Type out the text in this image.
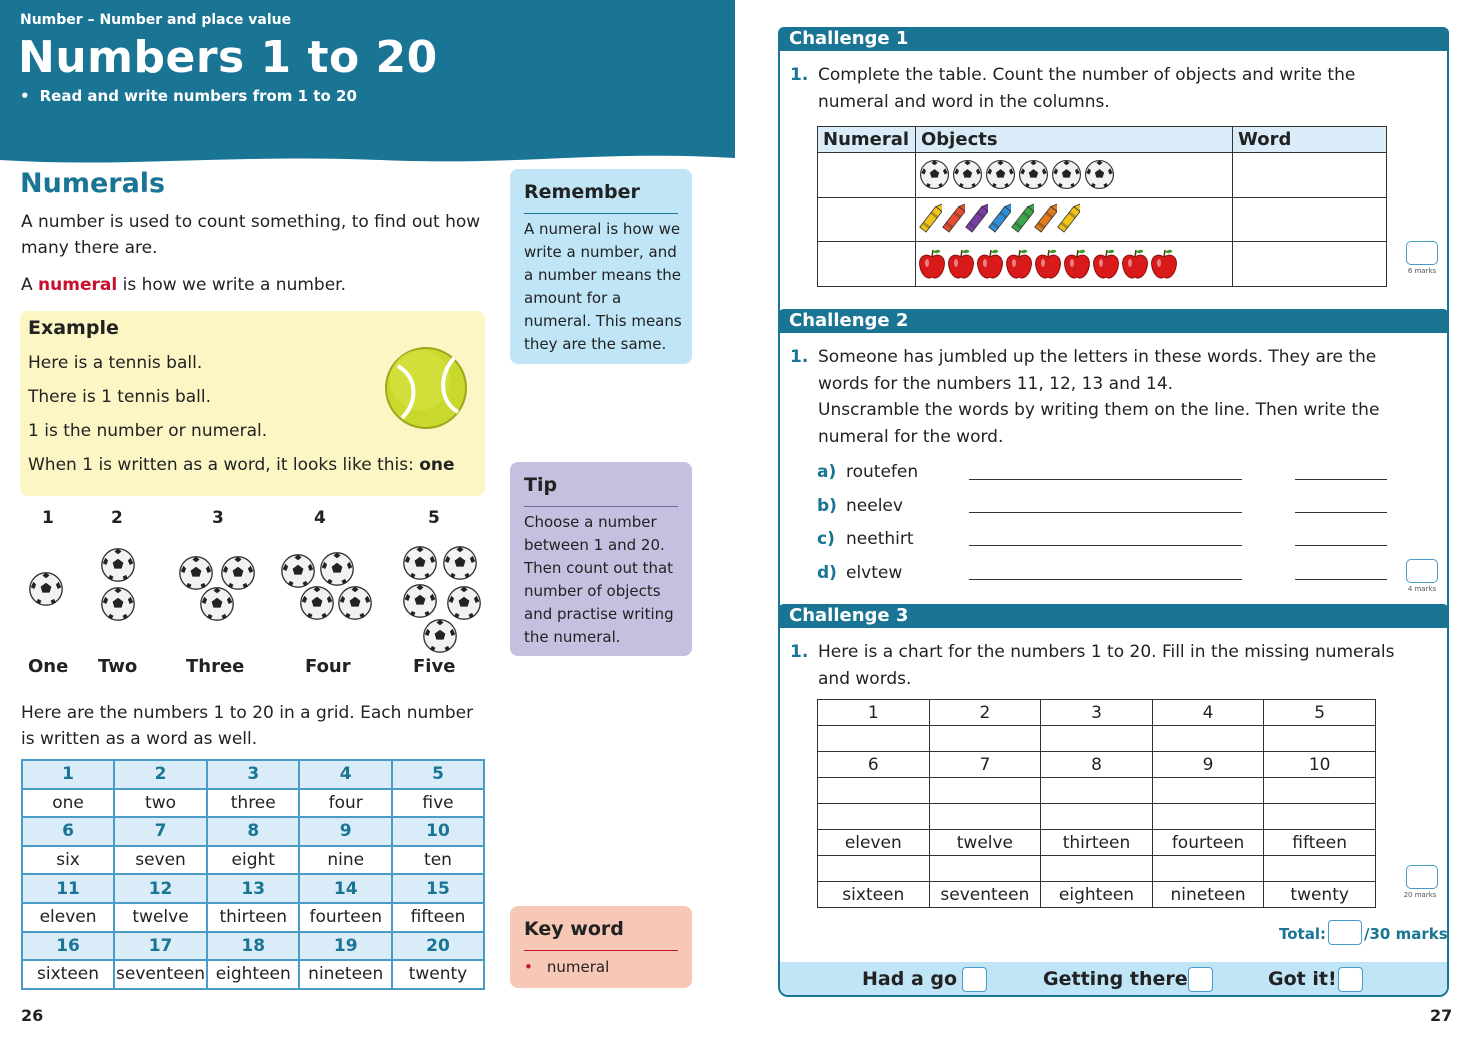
Number – Number and place value
Numbers 1 to 20
• Read and write numbers from 1 to 20
Numerals
A number is used to count something, to find out how many there are.
A numeral is how we write a number.
Example
Here is a tennis ball.
There is 1 tennis ball.
1 is the number or numeral.
When 1 is written as a word, it looks like this: one
1	2	3	4	5
One Two	Three	Four	Five
Here are the numbers 1 to 20 in a grid. Each number is written as a word as well.
1	2	3	4	5
one	two	three	four	five
6	7	8	9	10
six	seven	eight	nine	ten
11	12	13	14	15
eleven	twelve	thirteen	fourteen	fifteen
16	17	18	19	20
sixteen	seventeen	eighteen	nineteen	twenty
Remember
A numeral is how we write a number, and a number means the amount for a numeral. This means they are the same.
Tip
Choose a number between 1 and 20. Then count out that number of objects and practise writing the numeral.
Key word
• numeral
26
Challenge 1
1. Complete the table. Count the number of objects and write the numeral and word in the columns.
Numeral	Objects	Word

6 marks
Challenge 2
1. Someone has jumbled up the letters in these words. They are the words for the numbers 11, 12, 13 and 14.
Unscramble the words by writing them on the line. Then write the numeral for the word.
a) routefen
b) neelev
c) neethirt
d) elvtew
4 marks
Challenge 3
1. Here is a chart for the numbers 1 to 20. Fill in the missing numerals and words.
1	2	3	4	5

6	7	8	9	10

eleven	twelve	thirteen	fourteen	fifteen

sixteen	seventeen	eighteen	nineteen	twenty	20 marks
Total:	/30 marks
Had a go	Getting there	Got it!
27
